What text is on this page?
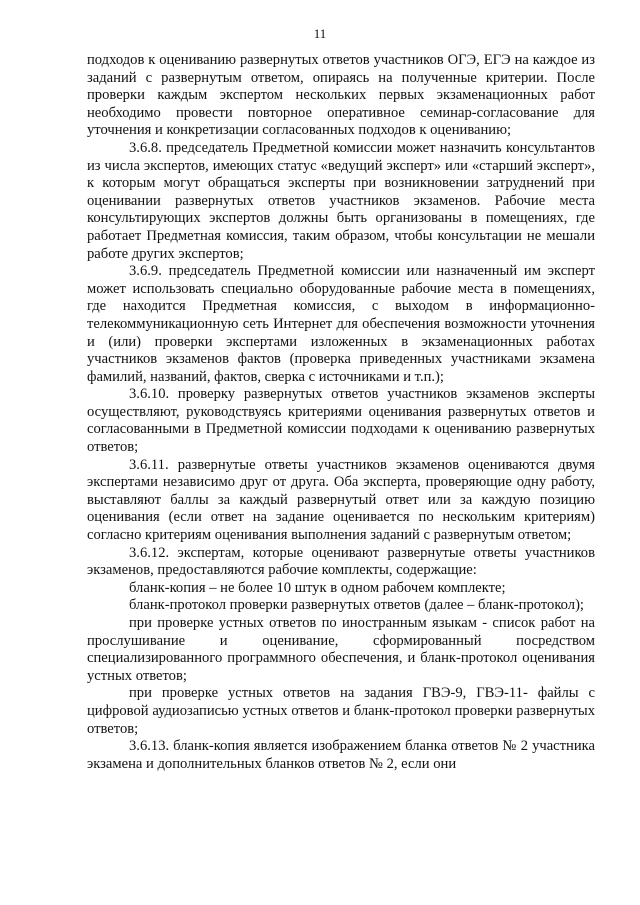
11

подходов к оцениванию развернутых ответов участников ОГЭ, ЕГЭ на каждое из заданий с развернутым ответом, опираясь на полученные критерии. После проверки каждым экспертом нескольких первых экзаменационных работ необходимо провести повторное оперативное семинар-согласование для уточнения и конкретизации согласованных подходов к оцениванию;

3.6.8. председатель Предметной комиссии может назначить консультантов из числа экспертов, имеющих статус «ведущий эксперт» или «старший эксперт», к которым могут обращаться эксперты при возникновении затруднений при оценивании развернутых ответов участников экзаменов. Рабочие места консультирующих экспертов должны быть организованы в помещениях, где работает Предметная комиссия, таким образом, чтобы консультации не мешали работе других экспертов;

3.6.9. председатель Предметной комиссии или назначенный им эксперт может использовать специально оборудованные рабочие места в помещениях, где находится Предметная комиссия, с выходом в информационно-телекоммуникационную сеть Интернет для обеспечения возможности уточнения и (или) проверки экспертами изложенных в экзаменационных работах участников экзаменов фактов (проверка приведенных участниками экзамена фамилий, названий, фактов, сверка с источниками и т.п.);

3.6.10. проверку развернутых ответов участников экзаменов эксперты осуществляют, руководствуясь критериями оценивания развернутых ответов и согласованными в Предметной комиссии подходами к оцениванию развернутых ответов;

3.6.11. развернутые ответы участников экзаменов оцениваются двумя экспертами независимо друг от друга. Оба эксперта, проверяющие одну работу, выставляют баллы за каждый развернутый ответ или за каждую позицию оценивания (если ответ на задание оценивается по нескольким критериям) согласно критериям оценивания выполнения заданий с развернутым ответом;

3.6.12. экспертам, которые оценивают развернутые ответы участников экзаменов, предоставляются рабочие комплекты, содержащие:

бланк-копия – не более 10 штук в одном рабочем комплекте;

бланк-протокол проверки развернутых ответов (далее – бланк-протокол);

при проверке устных ответов по иностранным языкам - список работ на прослушивание и оценивание, сформированный посредством специализированного программного обеспечения, и бланк-протокол оценивания устных ответов;

при проверке устных ответов на задания ГВЭ-9, ГВЭ-11- файлы с цифровой аудиозаписью устных ответов и бланк-протокол проверки развернутых ответов;

3.6.13. бланк-копия является изображением бланка ответов № 2 участника экзамена и дополнительных бланков ответов № 2, если они
